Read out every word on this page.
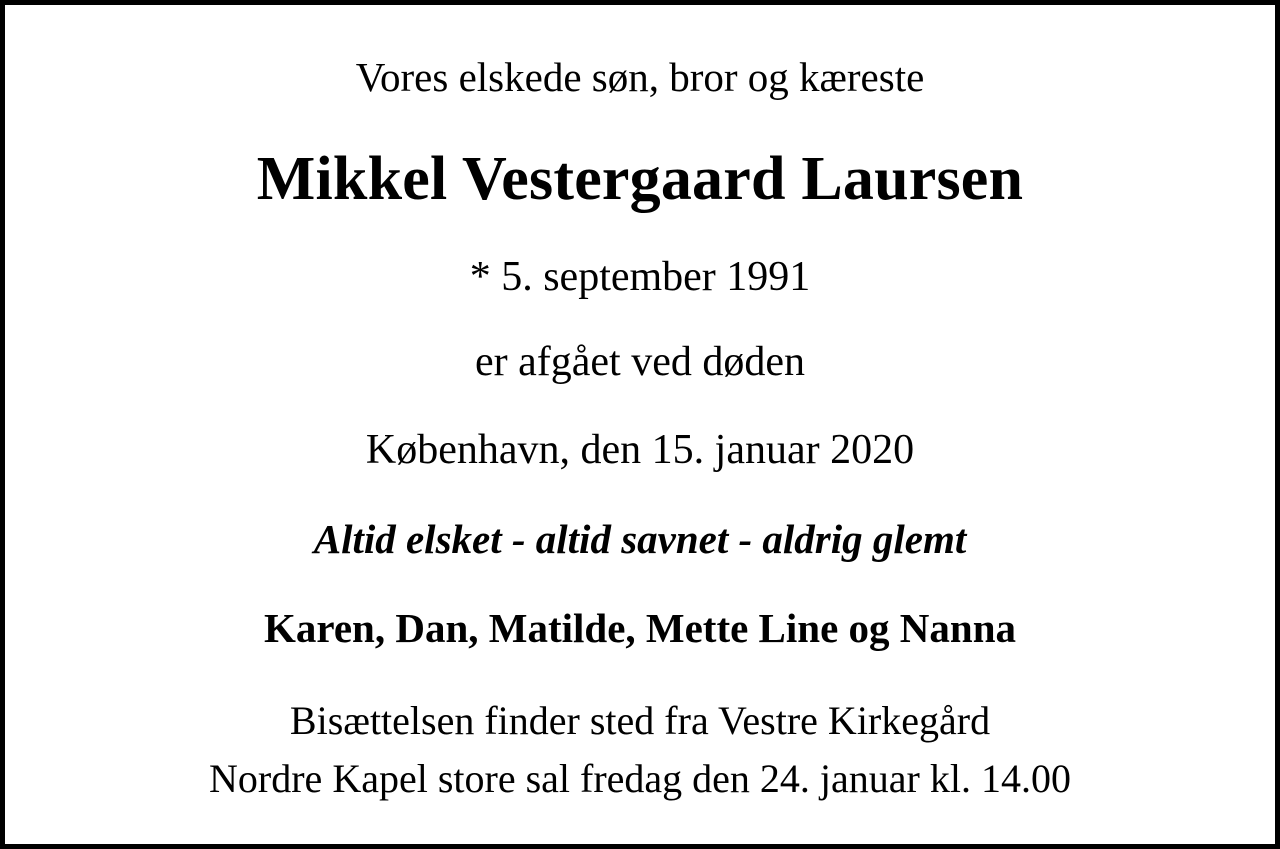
Vores elskede søn, bror og kæreste
Mikkel Vestergaard Laursen
* 5. september 1991
er afgået ved døden
København, den 15. januar 2020
Altid elsket - altid savnet - aldrig glemt
Karen, Dan, Matilde, Mette Line og Nanna
Bisættelsen finder sted fra Vestre Kirkegård
Nordre Kapel store sal fredag den 24. januar kl. 14.00
